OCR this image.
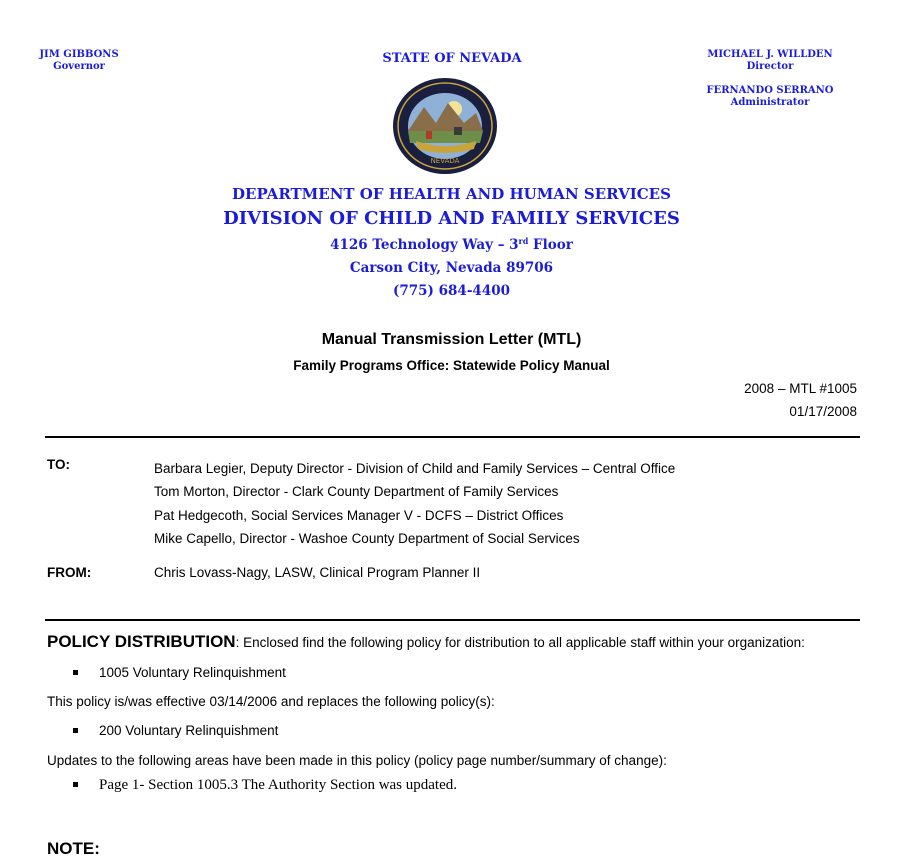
JIM GIBBONS
Governor
STATE OF NEVADA	MICHAEL J. WILLDEN
Director
FERNANDO SERRANO
Administrator
NEVADA
DEPARTMENT OF HEALTH AND HUMAN SERVICES
DIVISION OF CHILD AND FAMILY SERVICES
4126 Technology Way – 3rd Floor
Carson City, Nevada 89706
(775) 684-4400
Manual Transmission Letter (MTL)
Family Programs Office: Statewide Policy Manual
2008 – MTL #1005
01/17/2008
TO:	Barbara Legier, Deputy Director - Division of Child and Family Services – Central Office
Tom Morton, Director - Clark County Department of Family Services
Pat Hedgecoth, Social Services Manager V - DCFS – District Offices
Mike Capello, Director - Washoe County Department of Social Services
FROM:	Chris Lovass-Nagy, LASW, Clinical Program Planner II
POLICY DISTRIBUTION: Enclosed find the following policy for distribution to all applicable staff within your organization:
1005 Voluntary Relinquishment
This policy is/was effective 03/14/2006 and replaces the following policy(s):
200 Voluntary Relinquishment
Updates to the following areas have been made in this policy (policy page number/summary of change):
Page 1- Section 1005.3 The Authority Section was updated.
NOTE:
